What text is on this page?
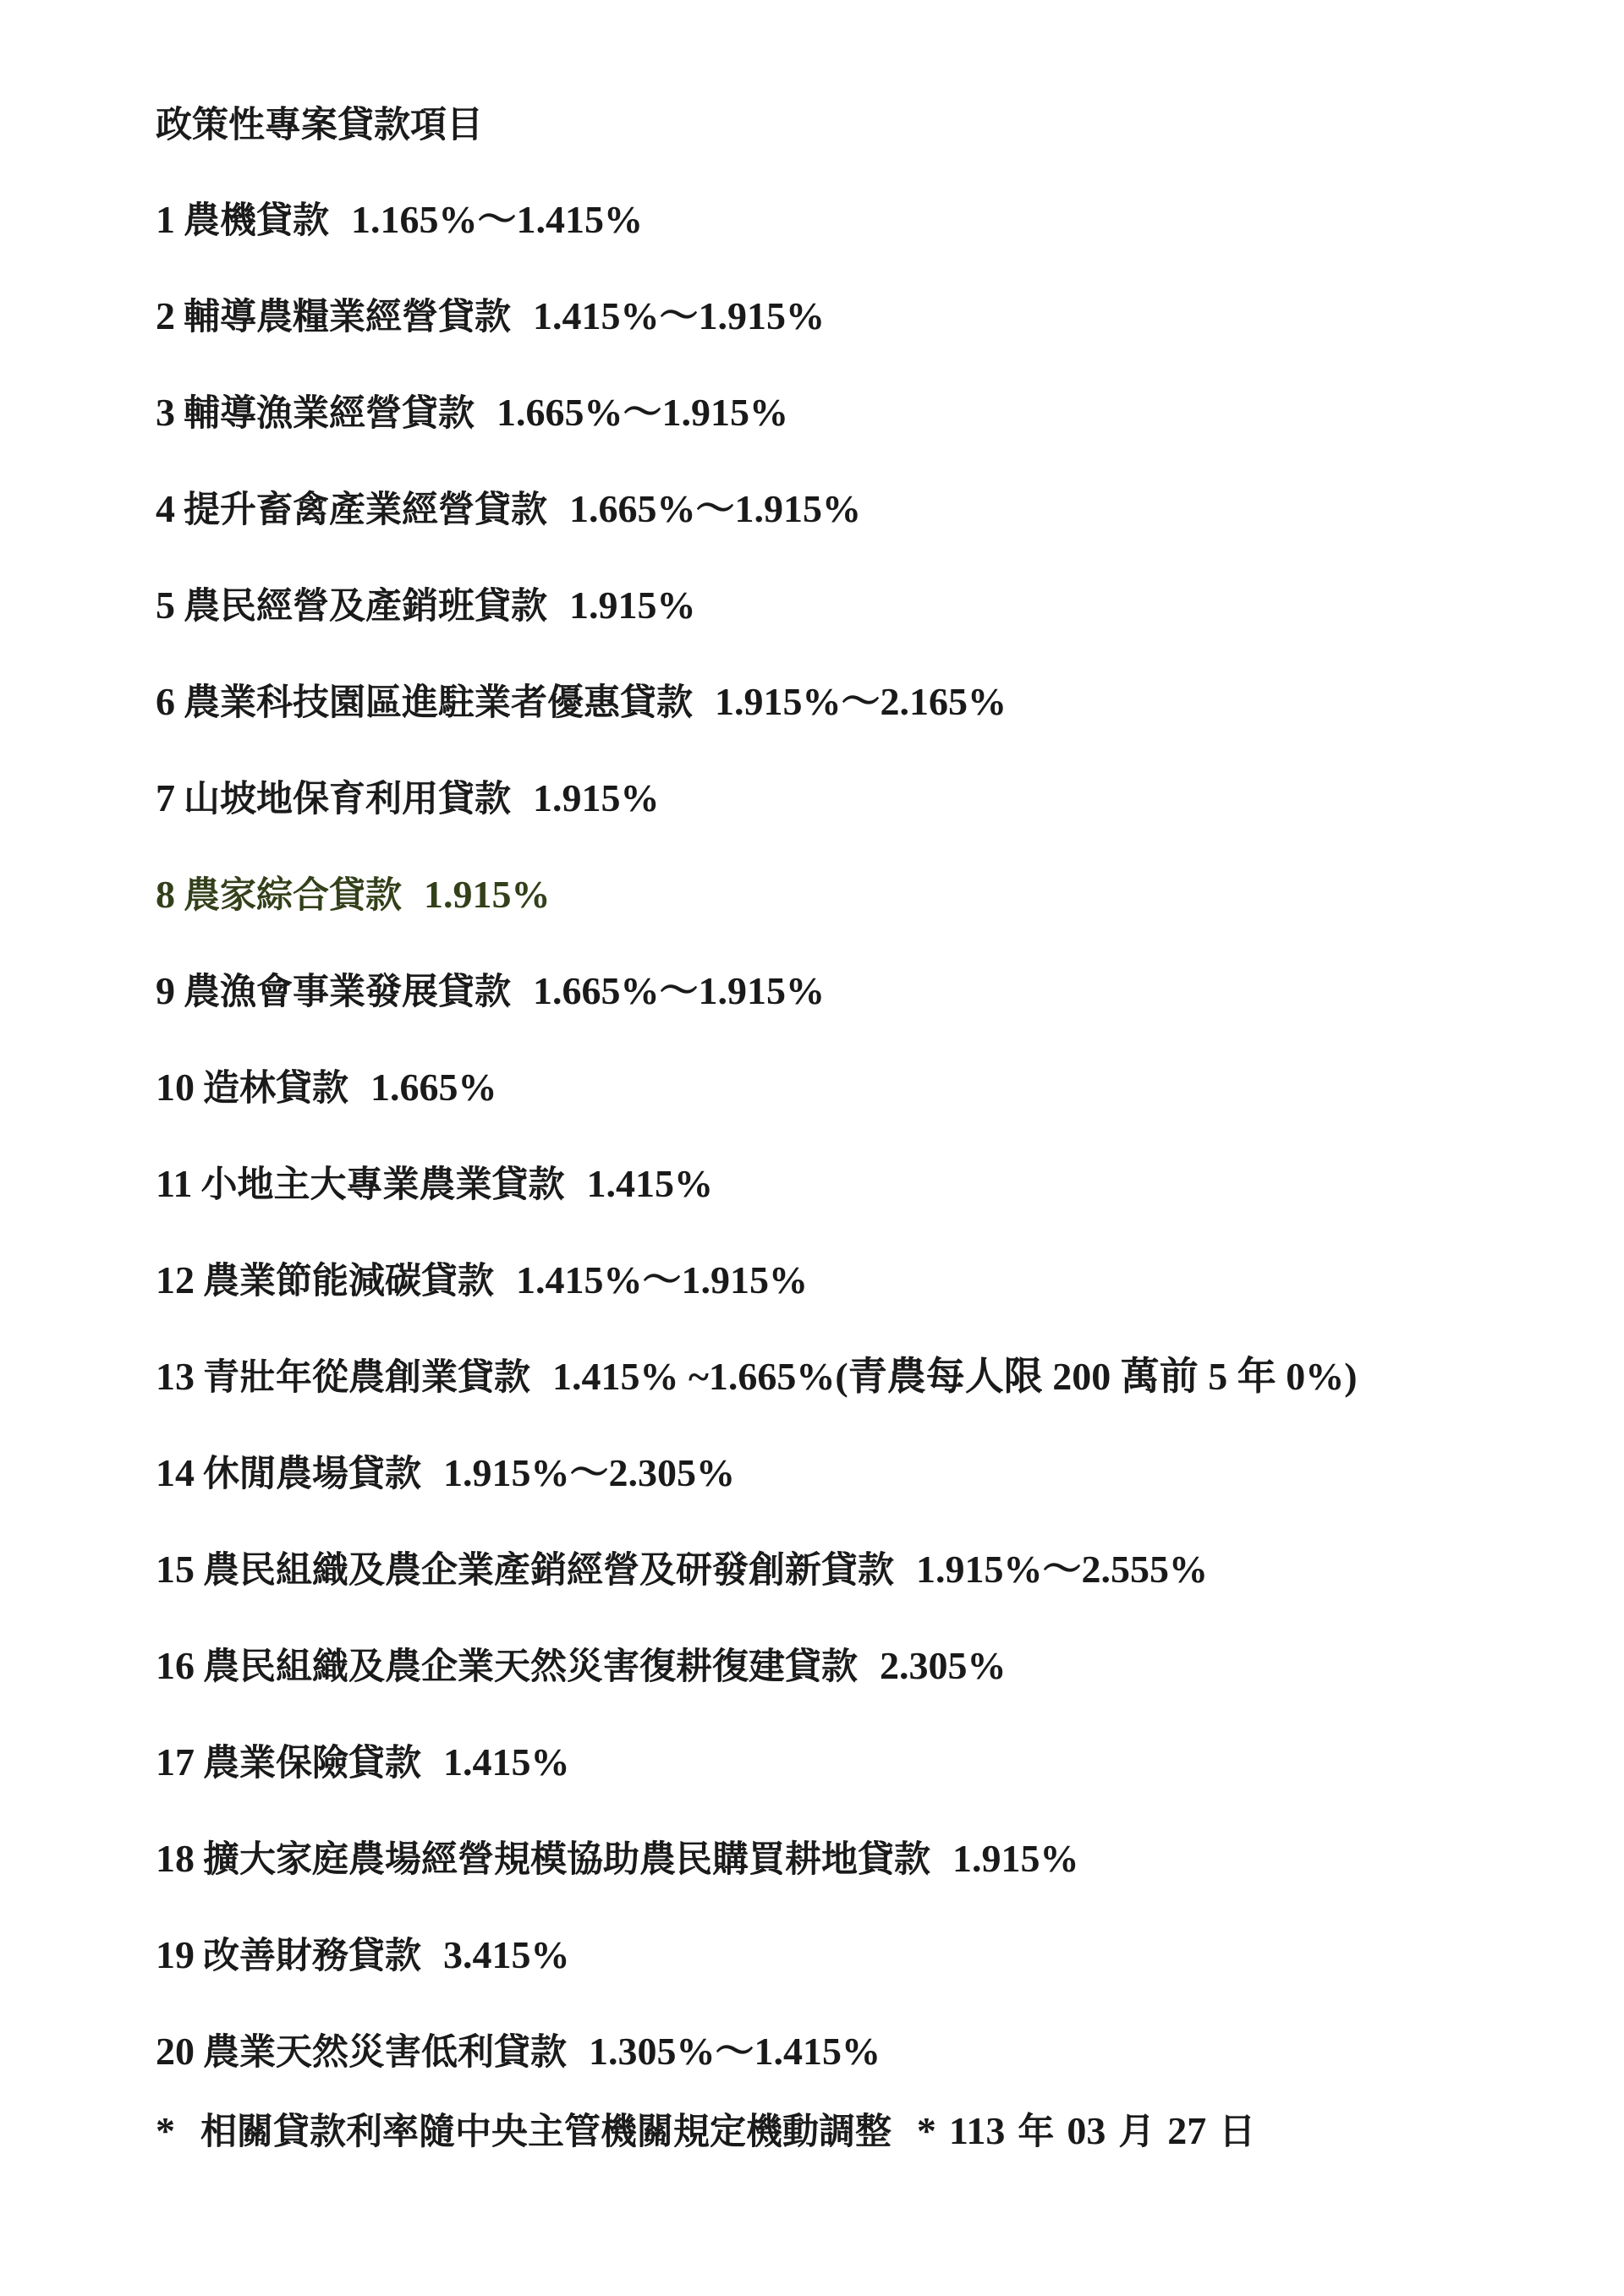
政策性專案貸款項目
1 農機貸款 1.165%～1.415%
2 輔導農糧業經營貸款 1.415%～1.915%
3 輔導漁業經營貸款 1.665%～1.915%
4 提升畜禽產業經營貸款 1.665%～1.915%
5 農民經營及產銷班貸款 1.915%
6 農業科技園區進駐業者優惠貸款 1.915%～2.165%
7 山坡地保育利用貸款 1.915%
8 農家綜合貸款 1.915%
9 農漁會事業發展貸款 1.665%～1.915%
10 造林貸款 1.665%
11 小地主大專業農業貸款 1.415%
12 農業節能減碳貸款 1.415%～1.915%
13 青壯年從農創業貸款 1.415% ~1.665%(青農每人限 200 萬前 5 年 0%)
14 休閒農場貸款 1.915%～2.305%
15 農民組織及農企業產銷經營及研發創新貸款 1.915%～2.555%
16 農民組織及農企業天然災害復耕復建貸款 2.305%
17 農業保險貸款 1.415%
18 擴大家庭農場經營規模協助農民購買耕地貸款 1.915%
19 改善財務貸款 3.415%
20 農業天然災害低利貸款 1.305%～1.415%

* 相關貸款利率隨中央主管機關規定機動調整 * 113 年 03 月 27 日
